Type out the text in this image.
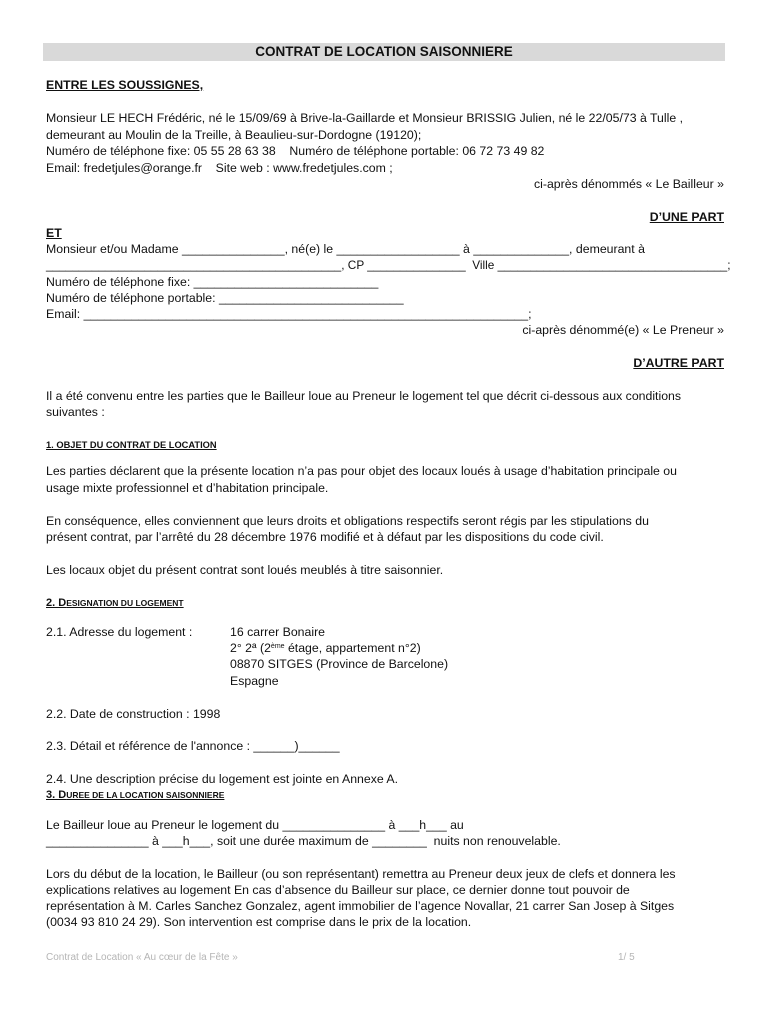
CONTRAT DE LOCATION SAISONNIERE
ENTRE LES SOUSSIGNES,
Monsieur LE HECH Frédéric, né le 15/09/69 à Brive-la-Gaillarde et Monsieur BRISSIG Julien, né le 22/05/73 à Tulle ,
demeurant au Moulin de la Treille, à Beaulieu-sur-Dordogne (19120);
Numéro de téléphone fixe: 05 55 28 63 38    Numéro de téléphone portable: 06 72 73 49 82
Email: fredetjules@orange.fr    Site web : www.fredetjules.com ;
ci-après dénommés « Le Bailleur »
D’UNE PART
ET
Monsieur et/ou Madame _______________, né(e) le __________________ à ______________, demeurant à
_____________________________________________, CP _______________  Ville ___________________________________;
Numéro de téléphone fixe: ___________________________
Numéro de téléphone portable: ___________________________
Email: _________________________________________________________________;
ci-après dénommé(e) « Le Preneur »
D’AUTRE PART
Il a été convenu entre les parties que le Bailleur loue au Preneur le logement tel que décrit ci-dessous aux conditions
suivantes :
1. OBJET DU CONTRAT DE LOCATION
Les parties déclarent que la présente location n’a pas pour objet des locaux loués à usage d’habitation principale ou
usage mixte professionnel et d’habitation principale.
En conséquence, elles conviennent que leurs droits et obligations respectifs seront régis par les stipulations du
présent contrat, par l’arrêté du 28 décembre 1976 modifié et à défaut par les dispositions du code civil.
Les locaux objet du présent contrat sont loués meublés à titre saisonnier.
2. DESIGNATION DU LOGEMENT
2.1. Adresse du logement :	16 carrer Bonaire
2° 2ª (2ème étage, appartement n°2)
08870 SITGES (Province de Barcelone)
Espagne
2.2. Date de construction : 1998
2.3. Détail et référence de l'annonce : ______)______
2.4. Une description précise du logement est jointe en Annexe A.
3. DUREE DE LA LOCATION SAISONNIERE
Le Bailleur loue au Preneur le logement du _______________ à ___h___ au
_______________ à ___h___, soit une durée maximum de ________  nuits non renouvelable.
Lors du début de la location, le Bailleur (ou son représentant) remettra au Preneur deux jeux de clefs et donnera les
explications relatives au logement En cas d’absence du Bailleur sur place, ce dernier donne tout pouvoir de
représentation à M. Carles Sanchez Gonzalez, agent immobilier de l’agence Novallar, 21 carrer San Josep à Sitges
(0034 93 810 24 29). Son intervention est comprise dans le prix de la location.
Contrat de Location « Au cœur de la Fête »	1/ 5
